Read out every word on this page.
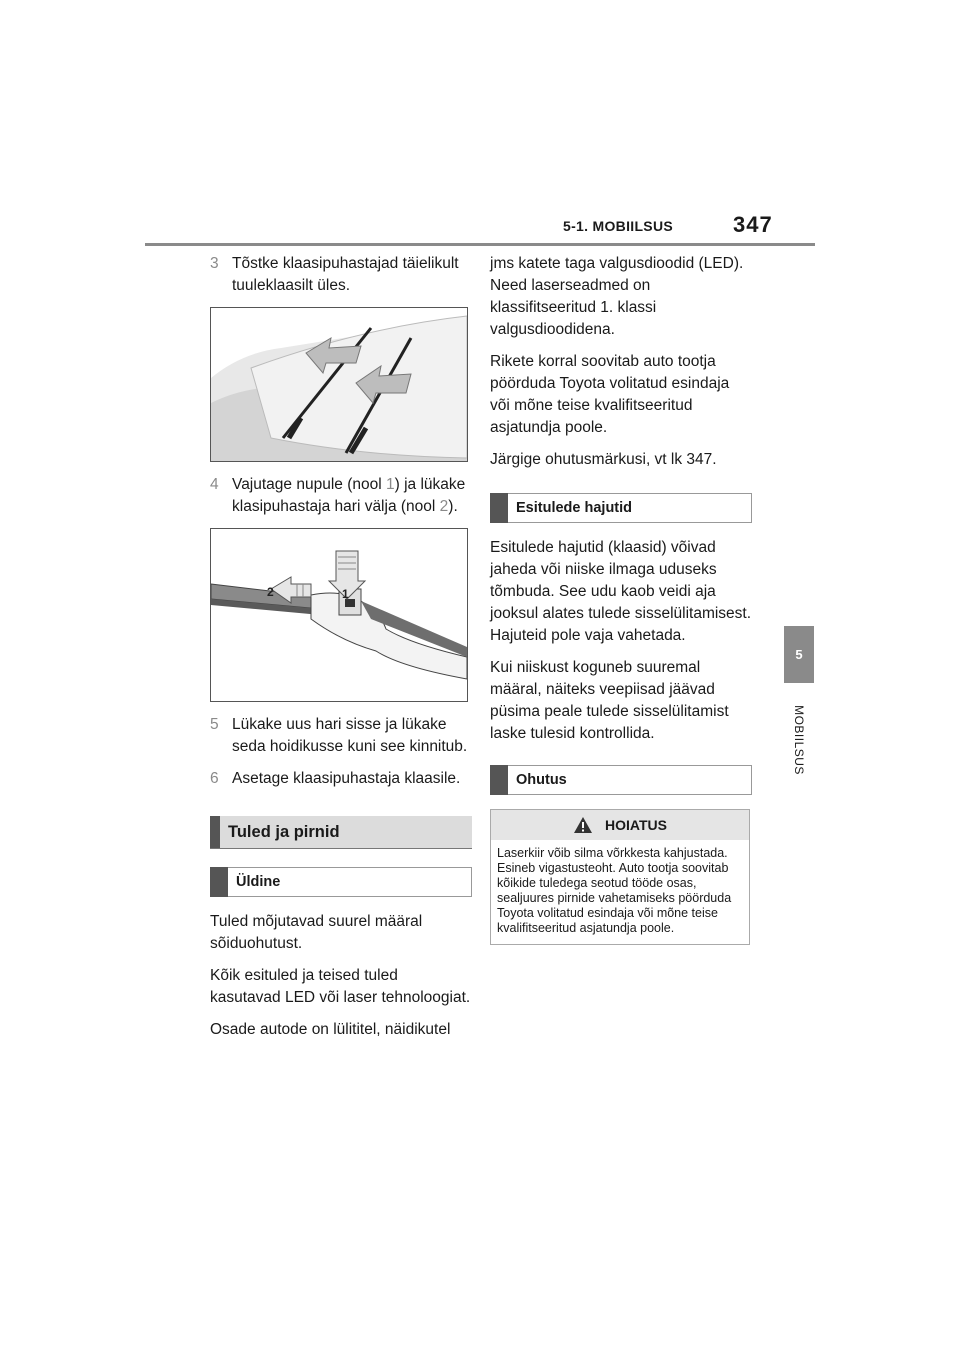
5-1. MOBIILSUS	347
5
MOBIILSUS
3 Tõstke klaasipuhastajad täielikult tuuleklaasilt üles.
4 Vajutage nupule (nool 1) ja lükake klasipuhastaja hari välja (nool 2).
1
2
5 Lükake uus hari sisse ja lükake seda hoidikusse kuni see kinnitub.
6 Asetage klaasipuhastaja klaasile.
Tuled ja pirnid
Üldine

Tuled mõjutavad suurel määral sõiduohutust.

Kõik esituled ja teised tuled kasutavad LED või laser tehnoloogiat.

Osade autode on lülititel, näidikutel

jms katete taga valgusdioodid (LED). Need laserseadmed on klassifitseeritud 1. klassi valgusdioodidena.

Rikete korral soovitab auto tootja pöörduda Toyota volitatud esindaja või mõne teise kvalifitseeritud asjatundja poole.

Järgige ohutusmärkusi, vt lk 347.

Esitulede hajutid

Esitulede hajutid (klaasid) võivad jaheda või niiske ilmaga uduseks tõmbuda. See udu kaob veidi aja jooksul alates tulede sisselülitamisest. Hajuteid pole vaja vahetada.

Kui niiskust koguneb suuremal määral, näiteks veepiisad jäävad püsima peale tulede sisselülitamist laske tulesid kontrollida.

Ohutus
HOIATUS
Laserkiir võib silma võrkkesta kahjustada. Esineb vigastusteoht. Auto tootja soovitab kõikide tuledega seotud tööde osas, sealjuures pirnide vahetamiseks pöörduda Toyota volitatud esindaja või mõne teise kvalifitseeritud asjatundja poole.
